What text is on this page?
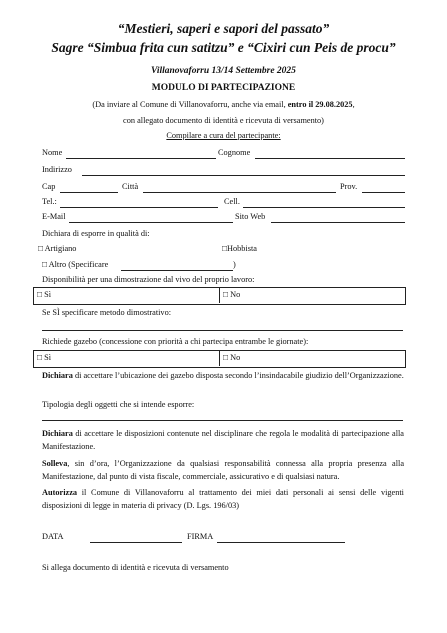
“Mestieri, saperi e sapori del passato”
Sagre “Simbua frita cun satitzu” e “Cixiri cun Peis de procu”
Villanovaforru 13/14 Settembre 2025
MODULO DI PARTECIPAZIONE
(Da inviare al Comune di Villanovaforru, anche via email, entro il 29.08.2025,
con allegato documento di identità e ricevuta di versamento)
Compilare a cura del partecipante:
Nome	Cognome
Indirizzo
Cap	Città	Prov.
Tel.:	Cell.
E-Mail	Sito Web
Dichiara di esporre in qualità di:
□ Artigiano	□Hobbista
□ Altro (Specificare	)
Disponibilità per una dimostrazione dal vivo del proprio lavoro:
□ Sì	□ No
Se SÌ specificare metodo dimostrativo:
Richiede gazebo (concessione con priorità a chi partecipa entrambe le giornate):
□ Sì	□ No
Dichiara di accettare l’ubicazione dei gazebo disposta secondo l’insindacabile giudizio dell’Organizzazione.
Tipologia degli oggetti che si intende esporre:
Dichiara di accettare le disposizioni contenute nel disciplinare che regola le modalità di partecipazione alla Manifestazione.
Solleva, sin d’ora, l’Organizzazione da qualsiasi responsabilità connessa alla propria presenza alla Manifestazione, dal punto di vista fiscale, commerciale, assicurativo e di qualsiasi natura.
Autorizza il Comune di Villanovaforru al trattamento dei miei dati personali ai sensi delle vigenti disposizioni di legge in materia di privacy (D. Lgs. 196/03)
DATA	FIRMA
Si allega documento di identità e ricevuta di versamento
